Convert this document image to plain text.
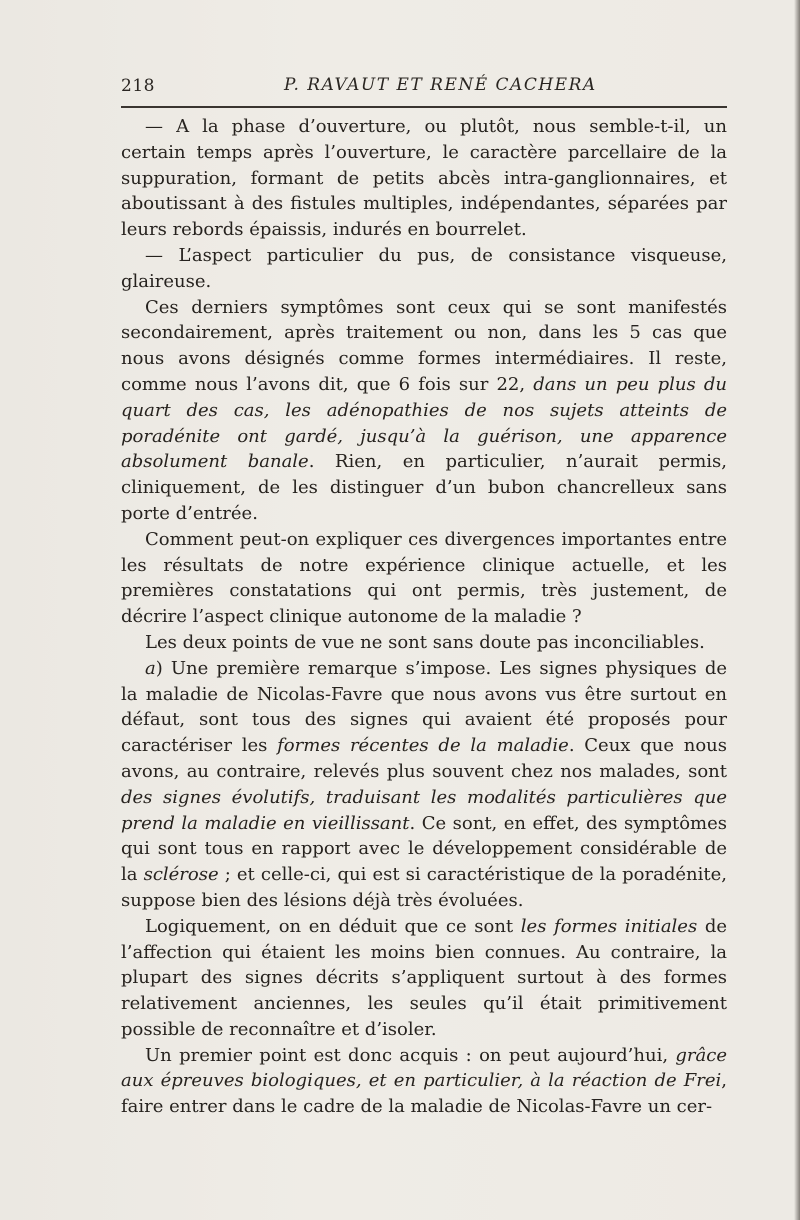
218	P. RAVAUT ET RENÉ CACHERA

— A la phase d’ouverture, ou plutôt, nous semble-t-il, un certain temps après l’ouverture, le caractère parcellaire de la suppuration, formant de petits abcès intra-ganglionnaires, et aboutissant à des fistules multiples, indépendantes, séparées par leurs rebords épaissis, indurés en bourrelet.

— L’aspect particulier du pus, de consistance visqueuse, glaireuse.

Ces derniers symptômes sont ceux qui se sont manifestés secondairement, après traitement ou non, dans les 5 cas que nous avons désignés comme formes intermédiaires. Il reste, comme nous l’avons dit, que 6 fois sur 22, dans un peu plus du quart des cas, les adénopathies de nos sujets atteints de poradénite ont gardé, jusqu’à la guérison, une apparence absolument banale. Rien, en particulier, n’aurait permis, cliniquement, de les distinguer d’un bubon chancrelleux sans porte d’entrée.

Comment peut-on expliquer ces divergences importantes entre les résultats de notre expérience clinique actuelle, et les premières constatations qui ont permis, très justement, de décrire l’aspect clinique autonome de la maladie ?

Les deux points de vue ne sont sans doute pas inconciliables.

a) Une première remarque s’impose. Les signes physiques de la maladie de Nicolas-Favre que nous avons vus être surtout en défaut, sont tous des signes qui avaient été proposés pour caractériser les formes récentes de la maladie. Ceux que nous avons, au contraire, relevés plus souvent chez nos malades, sont des signes évolutifs, traduisant les modalités particulières que prend la maladie en vieillissant. Ce sont, en effet, des symptômes qui sont tous en rapport avec le développement considérable de la sclérose ; et celle-ci, qui est si caractéristique de la poradénite, suppose bien des lésions déjà très évoluées.

Logiquement, on en déduit que ce sont les formes initiales de l’affection qui étaient les moins bien connues. Au contraire, la plupart des signes décrits s’appliquent surtout à des formes relativement anciennes, les seules qu’il était primitivement possible de reconnaître et d’isoler.

Un premier point est donc acquis : on peut aujourd’hui, grâce aux épreuves biologiques, et en particulier, à la réaction de Frei, faire entrer dans le cadre de la maladie de Nicolas-Favre un cer-
